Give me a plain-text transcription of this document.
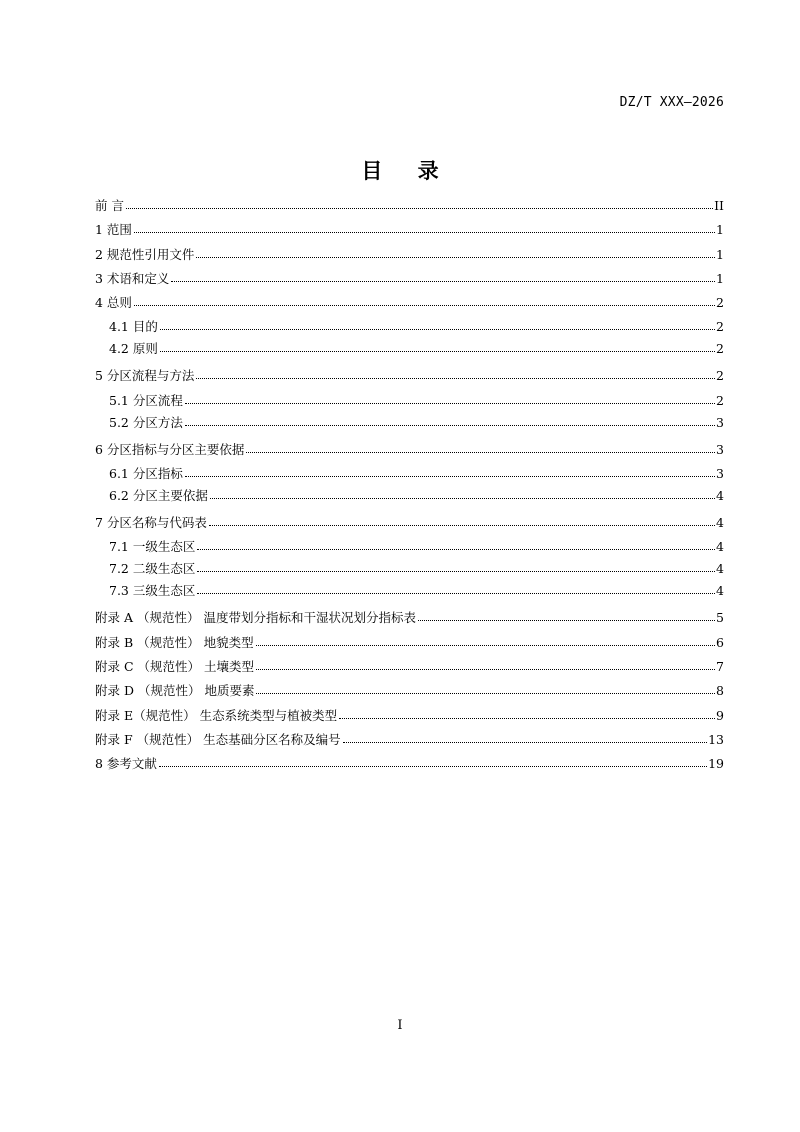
DZ/T XXX—2026
目 录
前 言	II
1 范围	1
2 规范性引用文件	1
3 术语和定义	1
4 总则	2
4.1 目的	2
4.2 原则	2
5 分区流程与方法	2
5.1 分区流程	2
5.2 分区方法	3
6 分区指标与分区主要依据	3
6.1 分区指标	3
6.2 分区主要依据	4
7 分区名称与代码表	4
7.1 一级生态区	4
7.2 二级生态区	4
7.3 三级生态区	4
附录 A （规范性） 温度带划分指标和干湿状况划分指标表	5
附录 B （规范性） 地貌类型	6
附录 C （规范性） 土壤类型	7
附录 D （规范性） 地质要素	8
附录 E（规范性） 生态系统类型与植被类型	9
附录 F （规范性） 生态基础分区名称及编号	13
8 参考文献	19
I
